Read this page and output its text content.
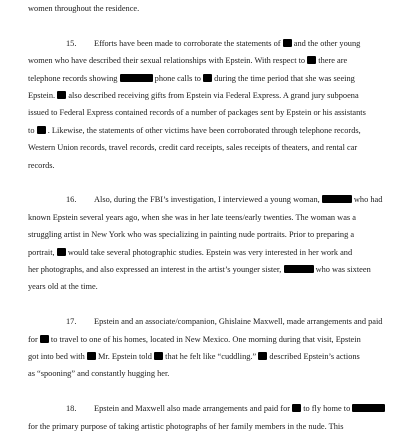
women throughout the residence.
15. Efforts have been made to corroborate the statements of and the other young
women who have described their sexual relationships with Epstein. With respect to there are
telephone records showing	phone calls to during the time period that she was seeing
Epstein. also described receiving gifts from Epstein via Federal Express. A grand jury subpoena
issued to Federal Express contained records of a number of packages sent by Epstein or his assistants
to . Likewise, the statements of other victims have been corroborated through telephone records,
Western Union records, travel records, credit card receipts, sales receipts of theaters, and rental car
records.
16. Also, during the FBI’s investigation, I interviewed a young woman,	who had
known Epstein several years ago, when she was in her late teens/early twenties. The woman was a
struggling artist in New York who was specializing in painting nude portraits. Prior to preparing a
portrait, would take several photographic studies. Epstein was very interested in her work and
her photographs, and also expressed an interest in the artist’s younger sister,	who was sixteen
years old at the time.
17. Epstein and an associate/companion, Ghislaine Maxwell, made arrangements and paid
for to travel to one of his homes, located in New Mexico. One morning during that visit, Epstein
got into bed with Mr. Epstein told that he felt like “cuddling.” described Epstein’s actions
as “spooning” and constantly hugging her.
18. Epstein and Maxwell also made arrangements and paid for to fly home to
for the primary purpose of taking artistic photographs of her family members in the nude. This
